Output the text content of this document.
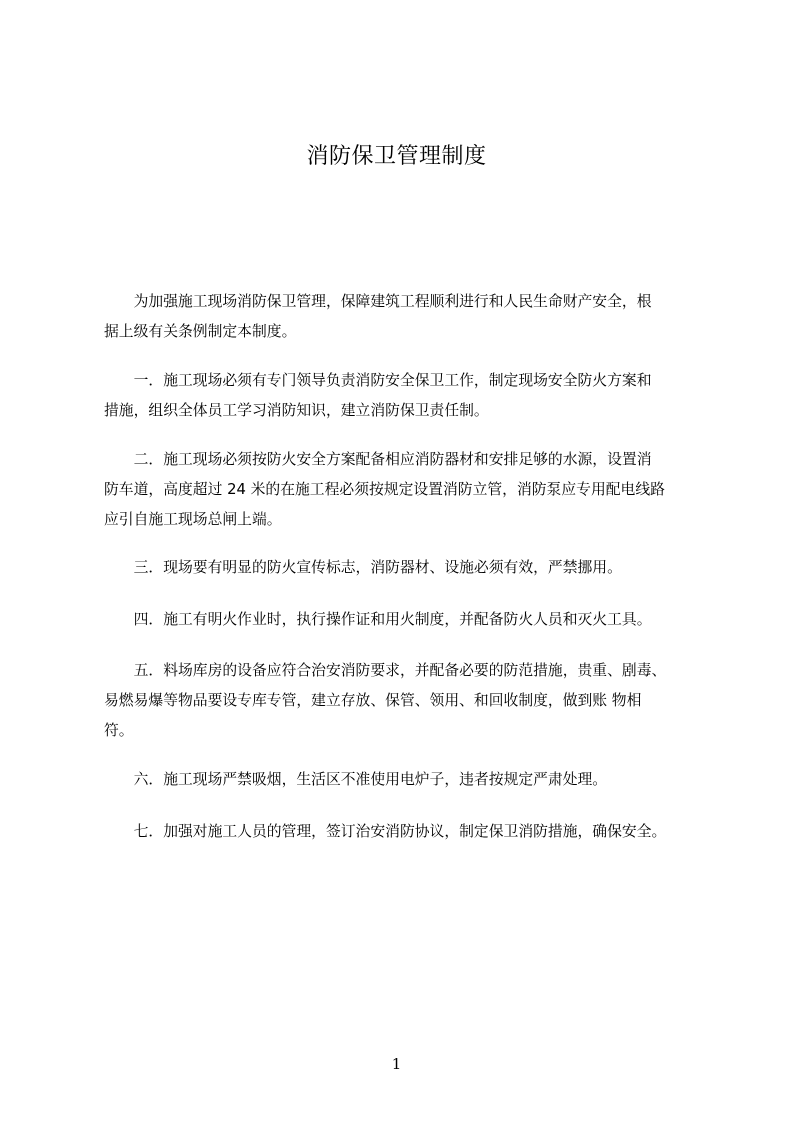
消防保卫管理制度
　　为加强施工现场消防保卫管理，保障建筑工程顺利进行和人民生命财产安全，根
据上级有关条例制定本制度。
　　一．施工现场必须有专门领导负责消防安全保卫工作，制定现场安全防火方案和
措施，组织全体员工学习消防知识，建立消防保卫责任制。
　　二．施工现场必须按防火安全方案配备相应消防器材和安排足够的水源，设置消
防车道，高度超过 24 米的在施工程必须按规定设置消防立管，消防泵应专用配电线路
应引自施工现场总闸上端。
　　三．现场要有明显的防火宣传标志，消防器材、设施必须有效，严禁挪用。
　　四．施工有明火作业时，执行操作证和用火制度，并配备防火人员和灭火工具。
　　五．料场库房的设备应符合治安消防要求，并配备必要的防范措施，贵重、剧毒、
易燃易爆等物品要设专库专管，建立存放、保管、领用、和回收制度，做到账 物相
符。
　　六．施工现场严禁吸烟，生活区不准使用电炉子，违者按规定严肃处理。
　　七．加强对施工人员的管理，签订治安消防协议，制定保卫消防措施，确保安全。
1
